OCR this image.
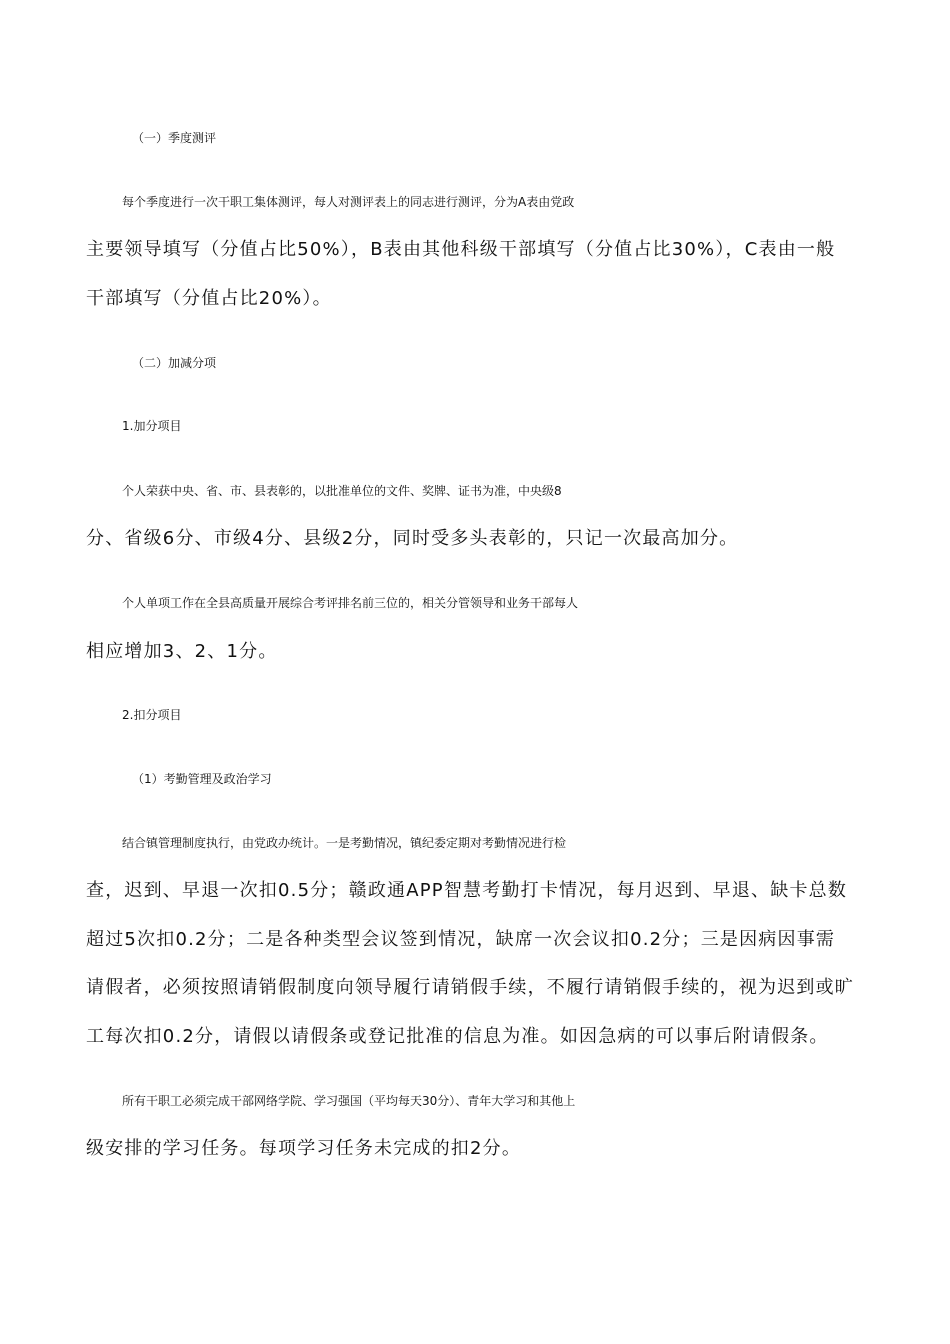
（一）季度测评
每个季度进行一次干职工集体测评，每人对测评表上的同志进行测评，分为A表由党政
主要领导填写（分值占比50%），B表由其他科级干部填写（分值占比30%），C表由一般
干部填写（分值占比20%）。
（二）加减分项
1.加分项目
个人荣获中央、省、市、县表彰的，以批准单位的文件、奖牌、证书为准，中央级8
分、省级6分、市级4分、县级2分，同时受多头表彰的，只记一次最高加分。
个人单项工作在全县高质量开展综合考评排名前三位的，相关分管领导和业务干部每人
相应增加3、2、1分。
2.扣分项目
（1）考勤管理及政治学习
结合镇管理制度执行，由党政办统计。一是考勤情况，镇纪委定期对考勤情况进行检
查，迟到、早退一次扣0.5分；赣政通APP智慧考勤打卡情况，每月迟到、早退、缺卡总数
超过5次扣0.2分；二是各种类型会议签到情况，缺席一次会议扣0.2分；三是因病因事需
请假者，必须按照请销假制度向领导履行请销假手续，不履行请销假手续的，视为迟到或旷
工每次扣0.2分，请假以请假条或登记批准的信息为准。如因急病的可以事后附请假条。
所有干职工必须完成干部网络学院、学习强国（平均每天30分）、青年大学习和其他上
级安排的学习任务。每项学习任务未完成的扣2分。
